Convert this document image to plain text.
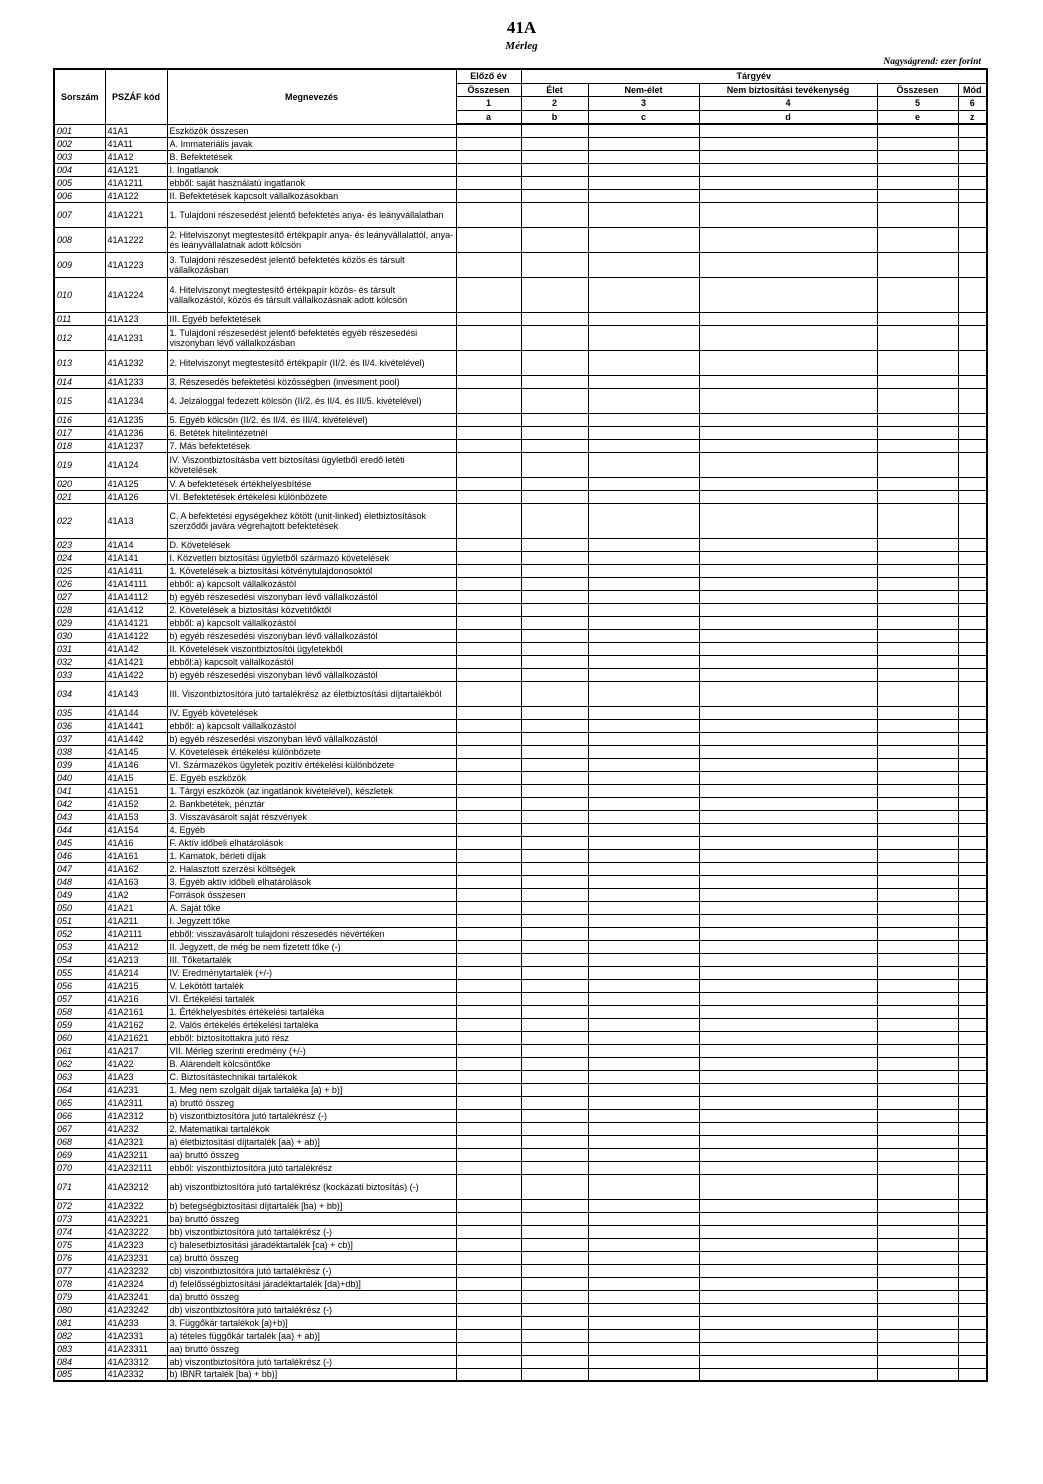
41A
Mérleg
Nagyságrend: ezer forint
Sorszám	PSZÁF kód	Megnevezés	Előző év	Tárgyév				
			Összesen	Élet	Nem-élet	Nem biztosítási tevékenység	Összesen	Mód
			1	2	3	4	5	6
			a	b	c	d	e	z
001	41A1	Eszközök összesen						
002	41A11	A. Immateriális javak						
003	41A12	B. Befektetések						
004	41A121	I. Ingatlanok						
005	41A1211	ebből: saját használatú ingatlanok						
006	41A122	II. Befektetések kapcsolt vállalkozásokban						
007	41A1221	1. Tulajdoni részesedést jelentő befektetés anya- és leányvállalatban						
008	41A1222	2. Hitelviszonyt megtestesítő értékpapír anya- és leányvállalattól, anya- és leányvállalatnak adott kölcsön						
009	41A1223	3. Tulajdoni részesedést jelentő befektetés közös és társult vállalkozásban						
010	41A1224	4. Hitelviszonyt megtestesítő értékpapír közös- és társult vállalkozástól, közös és társult vállalkozásnak adott kölcsön						
011	41A123	III. Egyéb befektetések						
012	41A1231	1. Tulajdoni részesedést jelentő befektetés egyéb részesedési viszonyban lévő vállalkozásban						
013	41A1232	2. Hitelviszonyt megtestesítő értékpapír (II/2. és II/4. kivételével)						
014	41A1233	3. Részesedés befektetési közösségben (invesment pool)						
015	41A1234	4. Jelzáloggal fedezett kölcsön (II/2. és II/4. és III/5. kivételével)						
016	41A1235	5. Egyéb kölcsön (II/2. és II/4. és III/4. kivételével)						
017	41A1236	6. Betétek hitelintézetnél						
018	41A1237	7. Más befektetések						
019	41A124	IV. Viszontbiztosításba vett biztosítási ügyletből eredő letéti követelések						
020	41A125	V. A befektetések értékhelyesbítése						
021	41A126	VI. Befektetések értékelési különbözete						
022	41A13	C. A befektetési egységekhez kötött (unit-linked) életbiztosítások szerződői javára végrehajtott befektetések						
023	41A14	D. Követelések						
024	41A141	I. Közvetlen biztosítási ügyletből származó követelések						
025	41A1411	1. Követelések a biztosítási kötvénytulajdonosoktól						
026	41A14111	ebből: a) kapcsolt vállalkozástól						
027	41A14112	b) egyéb részesedési viszonyban lévő vállalkozástól						
028	41A1412	2. Követelések a biztosítási közvetítőktől						
029	41A14121	ebből: a) kapcsolt vállalkozástól						
030	41A14122	b) egyéb részesedési viszonyban lévő vállalkozástól						
031	41A142	II. Követelések viszontbiztosítói ügyletekből						
032	41A1421	ebből:a) kapcsolt vállalkozástól						
033	41A1422	b) egyéb részesedési viszonyban lévő vállalkozástól						
034	41A143	III. Viszontbiztosítóra jutó tartalékrész az életbiztosítási díjtartalékból						
035	41A144	IV. Egyéb követelések						
036	41A1441	ebből: a) kapcsolt vállalkozástól						
037	41A1442	b) egyéb részesedési viszonyban lévő vállalkozástól						
038	41A145	V. Követelések értékelési különbözete						
039	41A146	VI. Származékos ügyletek pozitív értékelési különbözete						
040	41A15	E. Egyéb eszközök						
041	41A151	1. Tárgyi eszközök (az ingatlanok kivételével), készletek						
042	41A152	2. Bankbetétek, pénztár						
043	41A153	3. Visszavásárolt saját részvények						
044	41A154	4. Egyéb						
045	41A16	F. Aktív időbeli elhatárolások						
046	41A161	1. Kamatok, bérleti díjak						
047	41A162	2. Halasztott szerzési költségek						
048	41A163	3. Egyéb aktív időbeli elhatárolások						
049	41A2	Források összesen						
050	41A21	A. Saját tőke						
051	41A211	I. Jegyzett tőke						
052	41A2111	ebből: visszavásárolt tulajdoni részesedés névértéken						
053	41A212	II. Jegyzett, de még be nem fizetett tőke (-)						
054	41A213	III. Tőketartalék						
055	41A214	IV. Eredménytartalék (+/-)						
056	41A215	V. Lekötött tartalék						
057	41A216	VI. Értékelési tartalék						
058	41A2161	1. Értékhelyesbítés értékelési tartaléka						
059	41A2162	2. Valós értékelés értékelési tartaléka						
060	41A21621	ebből: biztosítottakra jutó rész						
061	41A217	VII. Mérleg szerinti eredmény (+/-)						
062	41A22	B. Alárendelt kölcsöntőke						
063	41A23	C. Biztosítástechnikai tartalékok						
064	41A231	1. Meg nem szolgált díjak tartaléka [a) + b)]						
065	41A2311	a) bruttó összeg						
066	41A2312	b) viszontbiztosítóra jutó tartalékrész (-)						
067	41A232	2. Matematikai tartalékok						
068	41A2321	a) életbiztosítási díjtartalék [aa) + ab)]						
069	41A23211	aa) bruttó összeg						
070	41A232111	ebből: viszontbiztosítóra jutó tartalékrész						
071	41A23212	ab) viszontbiztosítóra jutó tartalékrész (kockázati biztosítás) (-)						
072	41A2322	b) betegségbiztosítási díjtartalék [ba) + bb)]						
073	41A23221	ba) bruttó összeg						
074	41A23222	bb) viszontbiztosítóra jutó tartalékrész (-)						
075	41A2323	c) balesetbiztosítási járadéktartalék [ca) + cb)]						
076	41A23231	ca) bruttó összeg						
077	41A23232	cb) viszontbiztosítóra jutó tartalékrész (-)						
078	41A2324	d) felelősségbiztosítási járadéktartalék [da)+db)]						
079	41A23241	da) bruttó összeg						
080	41A23242	db) viszontbiztosítóra jutó tartalékrész (-)						
081	41A233	3. Függőkár tartalékok [a)+b)]						
082	41A2331	a) tételes függőkár tartalék [aa) + ab)]						
083	41A23311	aa) bruttó összeg						
084	41A23312	ab) viszontbiztosítóra jutó tartalékrész (-)						
085	41A2332	b) IBNR tartalék [ba) + bb)]						
